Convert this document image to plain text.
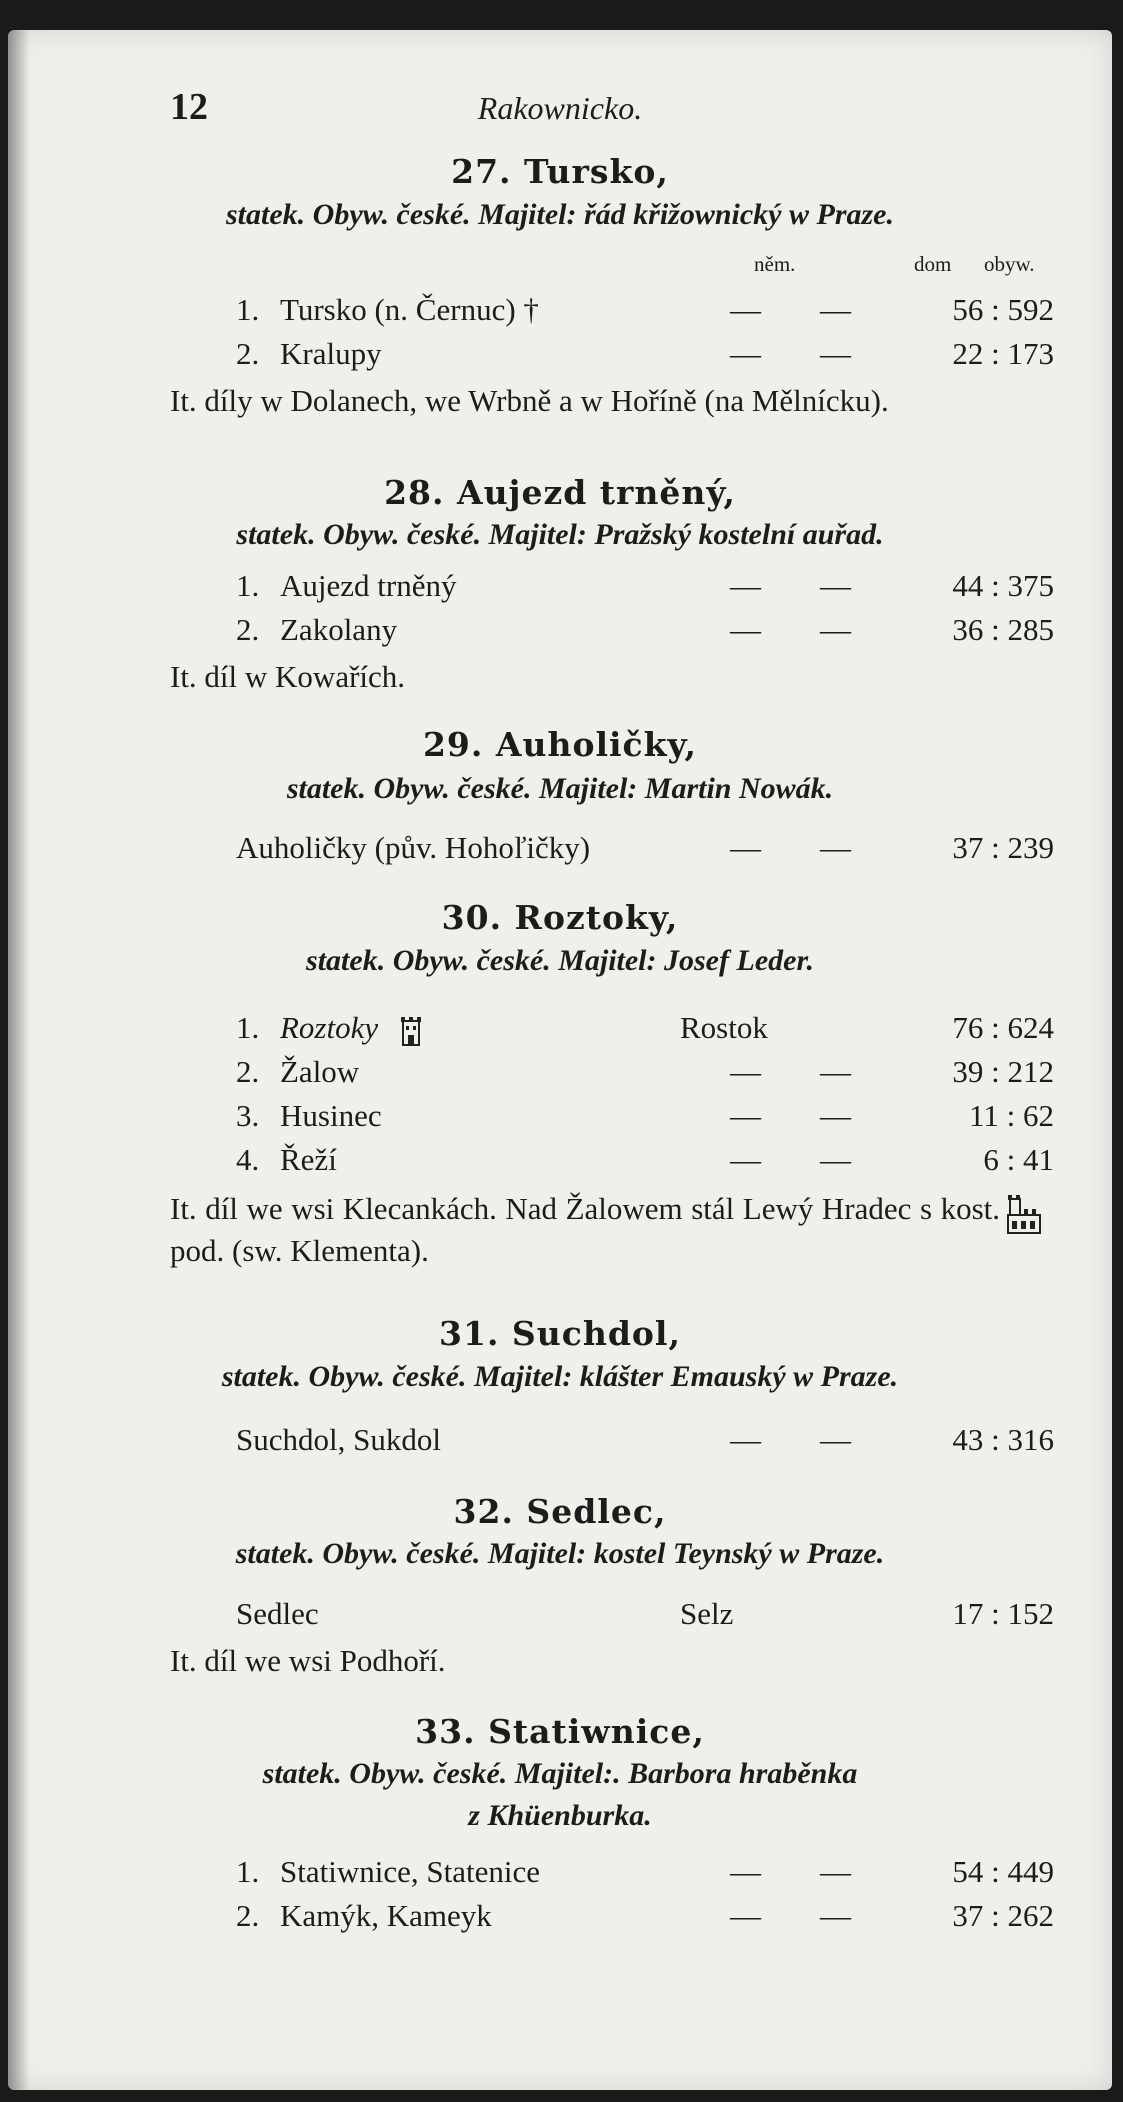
12	Rakownicko.
27. Tursko,
statek. Obyw. české. Majitel: řád křižownický w Praze.
něm.	dom obyw.
1. Tursko (n. Černuc) †	— —	56 : 592
2. Kralupy	— —	22 : 173
It. díly w Dolanech, we Wrbně a w Hoříně (na Mělnícku).
28. Aujezd trněný,
statek. Obyw. české. Majitel: Pražský kostelní auřad.
1. Aujezd trněný	— —	44 : 375
2. Zakolany	— —	36 : 285
It. díl w Kowařích.
29. Auholičky,
statek. Obyw. české. Majitel: Martin Nowák.
Auholičky (pův. Hohoľičky)	— —	37 : 239
30. Roztoky,
statek. Obyw. české. Majitel: Josef Leder.
1. Roztoky	Rostok	76 : 624
2. Žalow	— —	39 : 212
3. Husinec	— —	11 : 62
4. Řeží	— —	6 : 41
It. díl we wsi Klecankách. Nad Žalowem stál Lewý Hradec s kost. pod. (sw. Klementa).
31. Suchdol,
statek. Obyw. české. Majitel: klášter Emauský w Praze.
Suchdol, Sukdol	— —	43 : 316
32. Sedlec,
statek. Obyw. české. Majitel: kostel Teynský w Praze.
Sedlec	Selz	17 : 152
It. díl we wsi Podhoří.
33. Statiwnice,
statek. Obyw. české. Majitel:. Barbora hraběnka
z Khüenburka.
1. Statiwnice, Statenice	— —	54 : 449
2. Kamýk, Kameyk	— —	37 : 262
